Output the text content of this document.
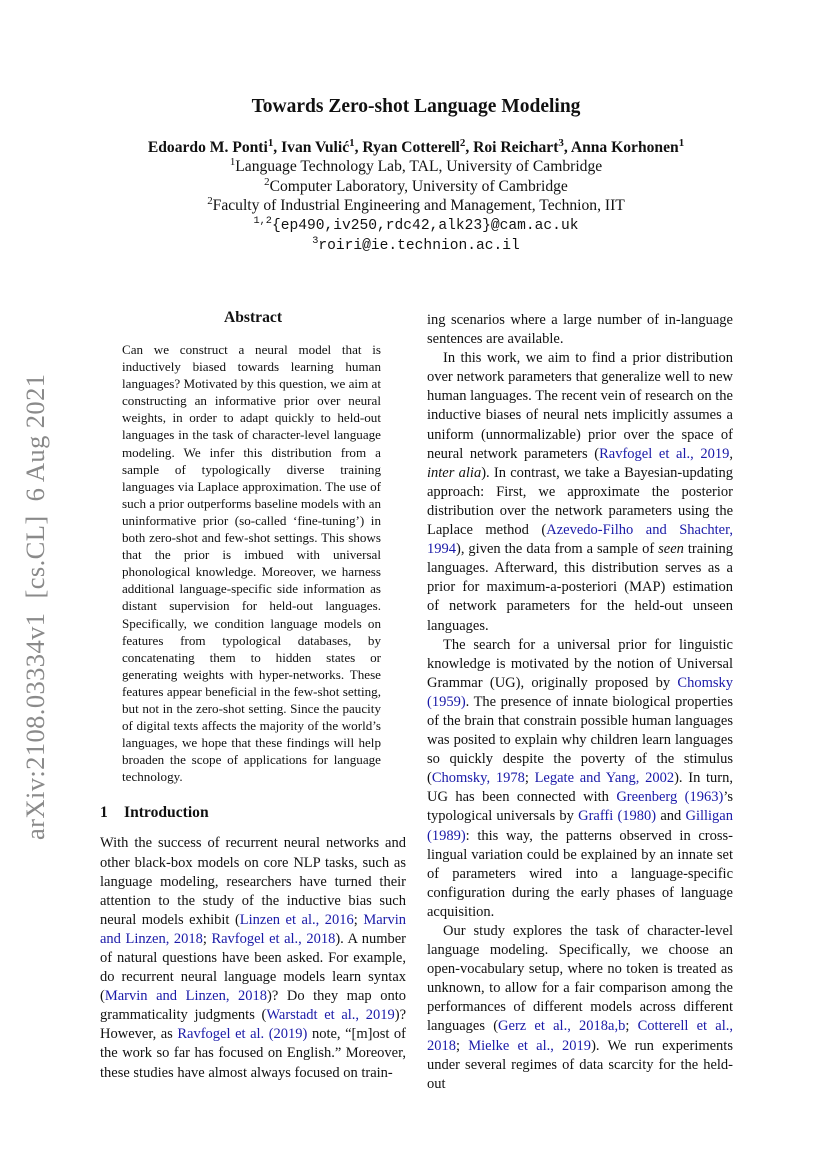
arXiv:2108.03334v1  [cs.CL]  6 Aug 2021
Towards Zero-shot Language Modeling
Edoardo M. Ponti$^1$, Ivan Vulić$^1$, Ryan Cotterell$^2$, Roi Reichart$^3$, Anna Korhonen$^1$
$^1$Language Technology Lab, TAL, University of Cambridge
$^2$Computer Laboratory, University of Cambridge
$^2$Faculty of Industrial Engineering and Management, Technion, IIT
$^{1,2}${ep490,iv250,rdc42,alk23}@cam.ac.uk
$^3$roiri@ie.technion.ac.il
Abstract

Can we construct a neural model that is inductively biased towards learning human languages? Motivated by this question, we aim at constructing an informative prior over neural weights, in order to adapt quickly to held-out languages in the task of character-level language modeling. We infer this distribution from a sample of typologically diverse training languages via Laplace approximation. The use of such a prior outperforms baseline models with an uninformative prior (so-called ‘fine-tuning’) in both zero-shot and few-shot settings. This shows that the prior is imbued with universal phonological knowledge. Moreover, we harness additional language-specific side information as distant supervision for held-out languages. Specifically, we condition language models on features from typological databases, by concatenating them to hidden states or generating weights with hyper-networks. These features appear beneficial in the few-shot setting, but not in the zero-shot setting. Since the paucity of digital texts affects the majority of the world’s languages, we hope that these findings will help broaden the scope of applications for language technology.

1 Introduction

With the success of recurrent neural networks and other black-box models on core NLP tasks, such as language modeling, researchers have turned their attention to the study of the inductive bias such neural models exhibit (Linzen et al., 2016; Marvin and Linzen, 2018; Ravfogel et al., 2018). A number of natural questions have been asked. For example, do recurrent neural language models learn syntax (Marvin and Linzen, 2018)? Do they map onto grammaticality judgments (Warstadt et al., 2019)? However, as Ravfogel et al. (2019) note, “[m]ost of the work so far has focused on English.” Moreover, these studies have almost always focused on train-

ing scenarios where a large number of in-language sentences are available.

In this work, we aim to find a prior distribution over network parameters that generalize well to new human languages. The recent vein of research on the inductive biases of neural nets implicitly assumes a uniform (unnormalizable) prior over the space of neural network parameters (Ravfogel et al., 2019, inter alia). In contrast, we take a Bayesian-updating approach: First, we approximate the posterior distribution over the network parameters using the Laplace method (Azevedo-Filho and Shachter, 1994), given the data from a sample of seen training languages. Afterward, this distribution serves as a prior for maximum-a-posteriori (MAP) estimation of network parameters for the held-out unseen languages.

The search for a universal prior for linguistic knowledge is motivated by the notion of Universal Grammar (UG), originally proposed by Chomsky (1959). The presence of innate biological properties of the brain that constrain possible human languages was posited to explain why children learn languages so quickly despite the poverty of the stimulus (Chomsky, 1978; Legate and Yang, 2002). In turn, UG has been connected with Greenberg (1963)’s typological universals by Graffi (1980) and Gilligan (1989): this way, the patterns observed in cross-lingual variation could be explained by an innate set of parameters wired into a language-specific configuration during the early phases of language acquisition.

Our study explores the task of character-level language modeling. Specifically, we choose an open-vocabulary setup, where no token is treated as unknown, to allow for a fair comparison among the performances of different models across different languages (Gerz et al., 2018a,b; Cotterell et al., 2018; Mielke et al., 2019). We run experiments under several regimes of data scarcity for the held-out
